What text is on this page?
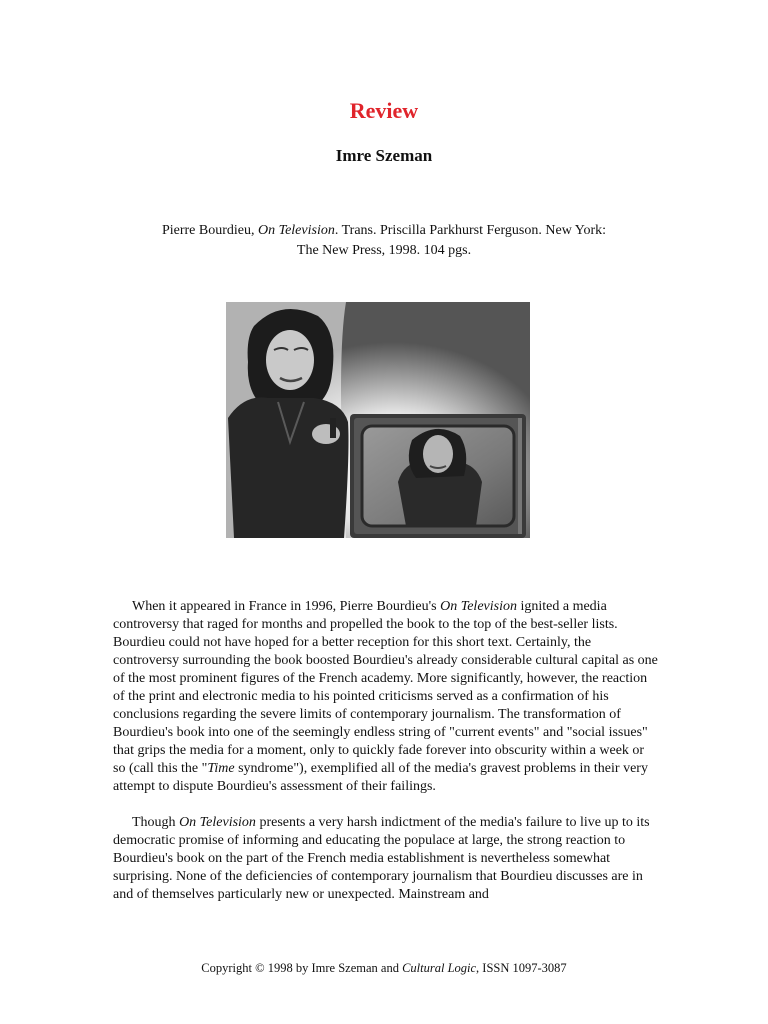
Review
Imre Szeman
Pierre Bourdieu, On Television. Trans. Priscilla Parkhurst Ferguson. New York:
The New Press, 1998. 104 pgs.

When it appeared in France in 1996, Pierre Bourdieu's On Television ignited a media controversy that raged for months and propelled the book to the top of the best-seller lists. Bourdieu could not have hoped for a better reception for this short text. Certainly, the controversy surrounding the book boosted Bourdieu's already considerable cultural capital as one of the most prominent figures of the French academy. More significantly, however, the reaction of the print and electronic media to his pointed criticisms served as a confirmation of his conclusions regarding the severe limits of contemporary journalism. The transformation of Bourdieu's book into one of the seemingly endless string of "current events" and "social issues" that grips the media for a moment, only to quickly fade forever into obscurity within a week or so (call this the "Time syndrome"), exemplified all of the media's gravest problems in their very attempt to dispute Bourdieu's assessment of their failings.

Though On Television presents a very harsh indictment of the media's failure to live up to its democratic promise of informing and educating the populace at large, the strong reaction to Bourdieu's book on the part of the French media establishment is nevertheless somewhat surprising. None of the deficiencies of contemporary journalism that Bourdieu discusses are in and of themselves particularly new or unexpected. Mainstream and

Copyright © 1998 by Imre Szeman and Cultural Logic, ISSN 1097-3087
